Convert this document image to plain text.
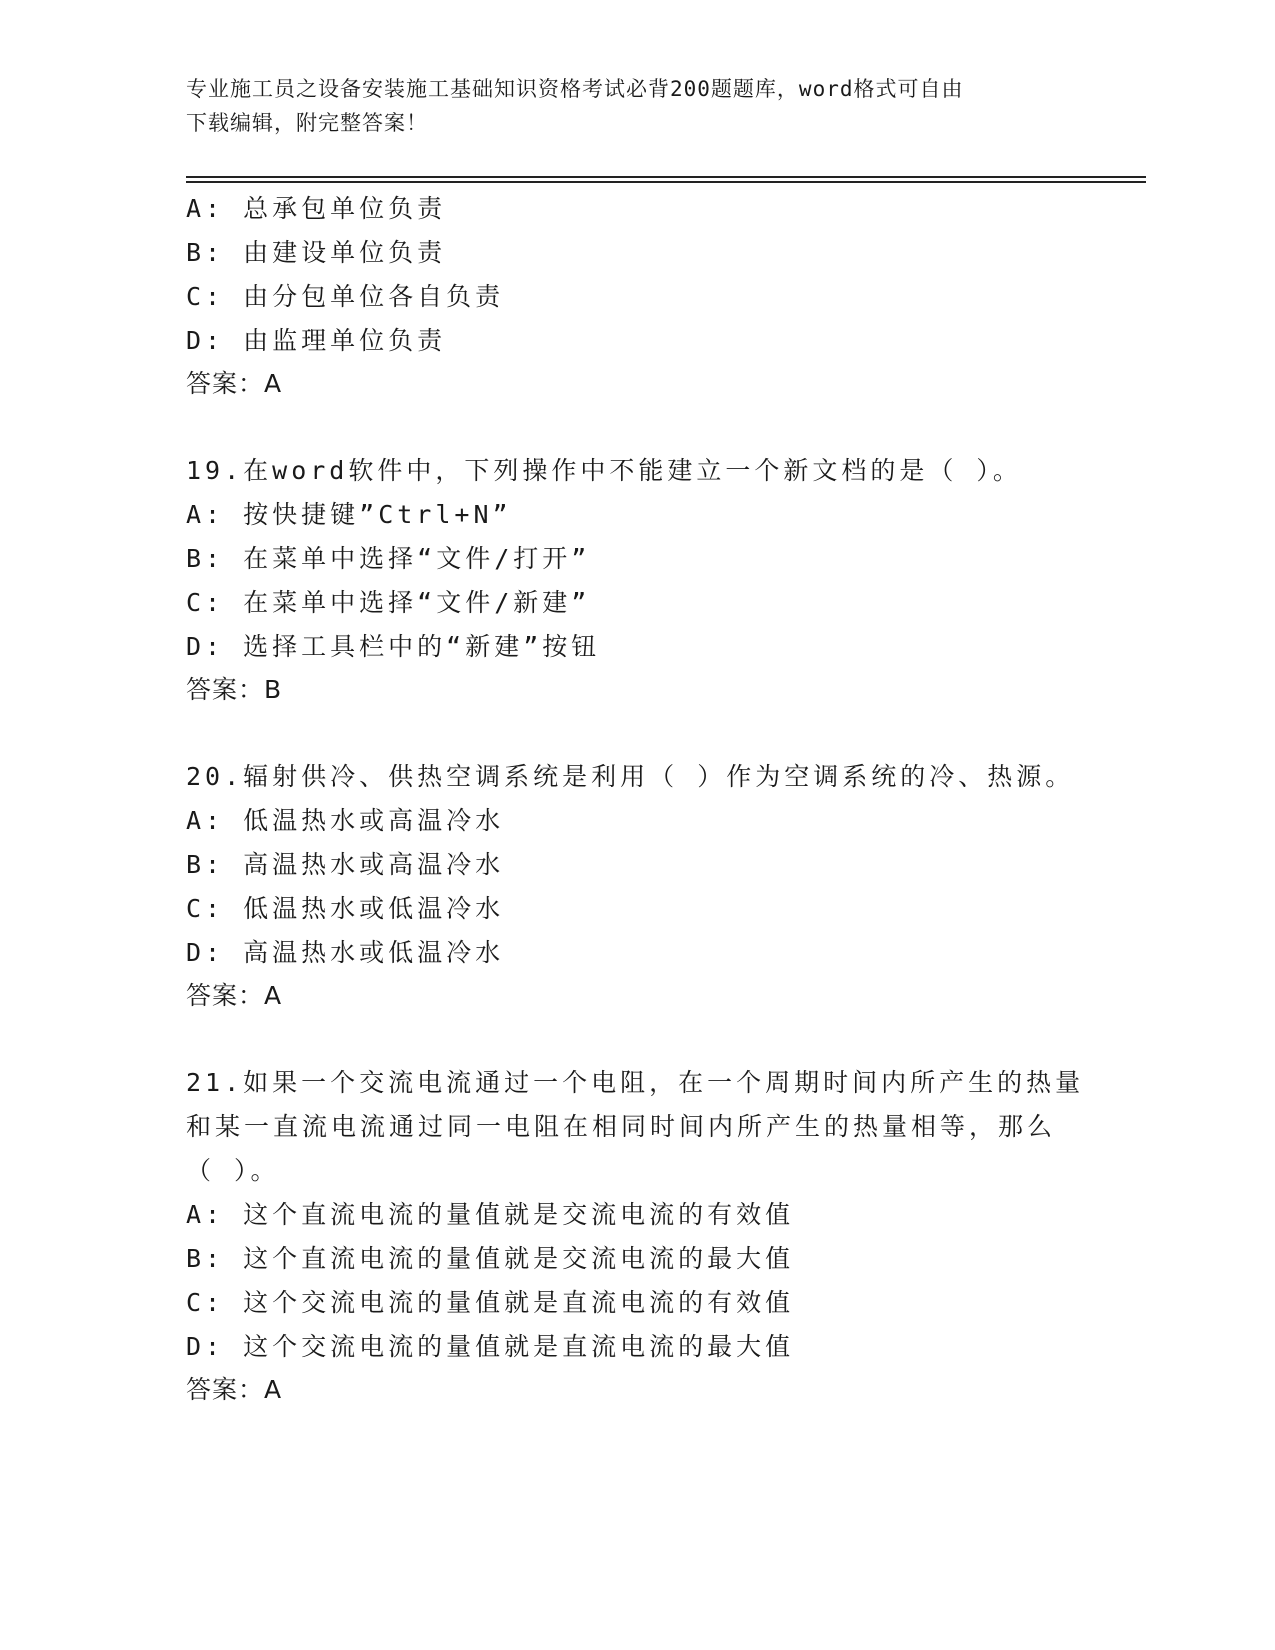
专业施工员之设备安装施工基础知识资格考试必背200题题库，word格式可自由
下载编辑，附完整答案！
A: 总承包单位负责
B: 由建设单位负责
C: 由分包单位各自负责
D: 由监理单位负责
答案：A
19.在word软件中，下列操作中不能建立一个新文档的是（ ）。
A: 按快捷键”Ctrl+N”
B: 在菜单中选择“文件/打开”
C: 在菜单中选择“文件/新建”
D: 选择工具栏中的“新建”按钮
答案：B
20.辐射供冷、供热空调系统是利用（ ）作为空调系统的冷、热源。
A: 低温热水或高温冷水
B: 高温热水或高温冷水
C: 低温热水或低温冷水
D: 高温热水或低温冷水
答案：A
21.如果一个交流电流通过一个电阻，在一个周期时间内所产生的热量
和某一直流电流通过同一电阻在相同时间内所产生的热量相等，那么
（ ）。
A: 这个直流电流的量值就是交流电流的有效值
B: 这个直流电流的量值就是交流电流的最大值
C: 这个交流电流的量值就是直流电流的有效值
D: 这个交流电流的量值就是直流电流的最大值
答案：A
